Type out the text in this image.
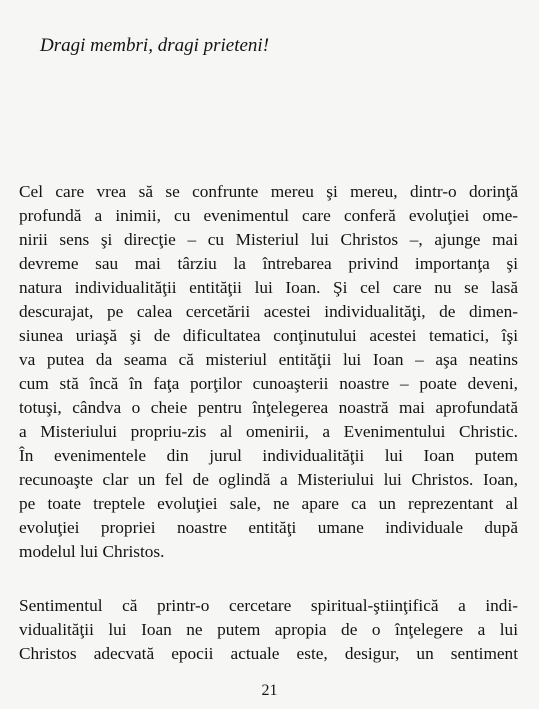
Dragi membri, dragi prieteni!
Cel care vrea să se confrunte mereu şi mereu, dintr-o dorinţă
profundă a inimii, cu evenimentul care conferă evoluţiei ome-
nirii sens şi direcţie – cu Misteriul lui Christos –, ajunge mai
devreme sau mai târziu la întrebarea privind importanţa şi
natura individualităţii entităţii lui Ioan. Şi cel care nu se lasă
descurajat, pe calea cercetării acestei individualităţi, de dimen-
siunea uriaşă şi de dificultatea conţinutului acestei tematici, îşi
va putea da seama că misteriul entităţii lui Ioan – aşa neatins
cum stă încă în faţa porţilor cunoaşterii noastre – poate deveni,
totuşi, cândva o cheie pentru înţelegerea noastră mai aprofundată
a Misteriului propriu-zis al omenirii, a Evenimentului Christic.
În evenimentele din jurul individualităţii lui Ioan putem
recunoaşte clar un fel de oglindă a Misteriului lui Christos. Ioan,
pe toate treptele evoluţiei sale, ne apare ca un reprezentant al
evoluţiei propriei noastre entităţi umane individuale după
modelul lui Christos.
Sentimentul că printr-o cercetare spiritual-ştiinţifică a indi-
vidualităţii lui Ioan ne putem apropia de o înţelegere a lui
Christos adecvată epocii actuale este, desigur, un sentiment
21
